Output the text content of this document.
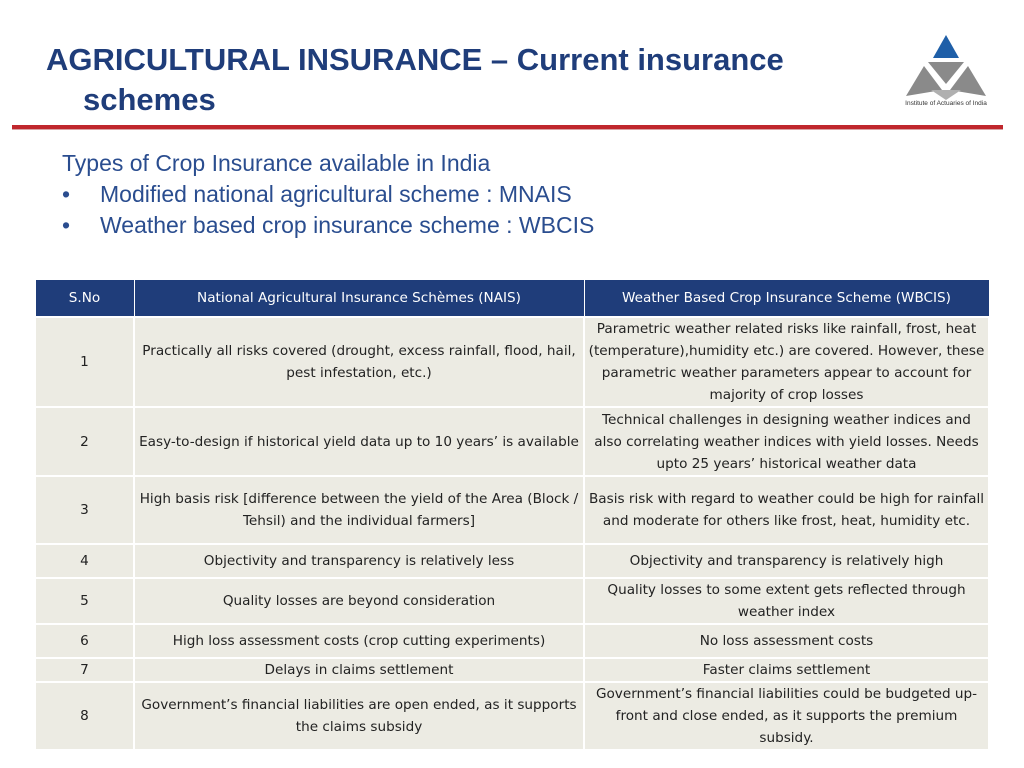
AGRICULTURAL INSURANCE – Current insurance
schemes	Institute of Actuaries of India
Types of Crop Insurance available in India
•	Modified national agricultural scheme : MNAIS
•	Weather based crop insurance scheme : WBCIS
S.No	National Agricultural Insurance Schèmes (NAIS)	Weather Based Crop Insurance Scheme (WBCIS)
1	Practically all risks covered (drought, excess rainfall, flood, hail, pest infestation, etc.)	Parametric weather related risks like rainfall, frost, heat (temperature),humidity etc.) are covered. However, these parametric weather parameters appear to account for majority of crop losses
2	Easy-to-design if historical yield data up to 10 years’ is available	Technical challenges in designing weather indices and also correlating weather indices with yield losses. Needs upto 25 years’ historical weather data
3	High basis risk [difference between the yield of the Area (Block / Tehsil) and the individual farmers]	Basis risk with regard to weather could be high for rainfall and moderate for others like frost, heat, humidity etc.
4	Objectivity and transparency is relatively less	Objectivity and transparency is relatively high
5	Quality losses are beyond consideration	Quality losses to some extent gets reflected through weather index
6	High loss assessment costs (crop cutting experiments)	No loss assessment costs
7	Delays in claims settlement	Faster claims settlement
8	Government’s financial liabilities are open ended, as it supports the claims subsidy	Government’s financial liabilities could be budgeted up-front and close ended, as it supports the premium subsidy.
